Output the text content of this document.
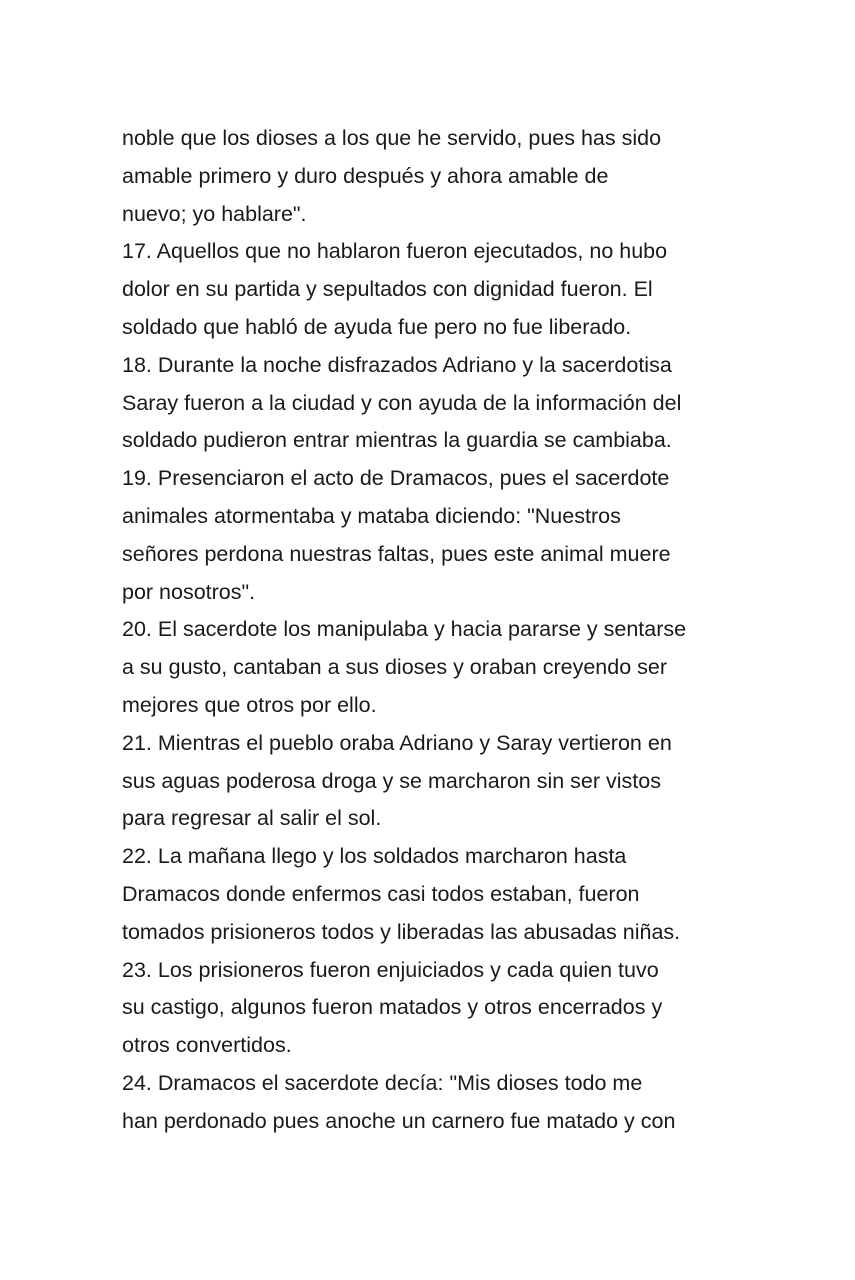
noble que los dioses a los que he servido, pues has sido
amable primero y duro después y ahora amable de
nuevo; yo hablare".
17. Aquellos que no hablaron fueron ejecutados, no hubo
dolor en su partida y sepultados con dignidad fueron. El
soldado que habló de ayuda fue pero no fue liberado.
18. Durante la noche disfrazados Adriano y la sacerdotisa
Saray fueron a la ciudad y con ayuda de la información del
soldado pudieron entrar mientras la guardia se cambiaba.
19. Presenciaron el acto de Dramacos, pues el sacerdote
animales atormentaba y mataba diciendo: "Nuestros
señores perdona nuestras faltas, pues este animal muere
por nosotros".
20. El sacerdote los manipulaba y hacia pararse y sentarse
a su gusto, cantaban a sus dioses y oraban creyendo ser
mejores que otros por ello.
21. Mientras el pueblo oraba Adriano y Saray vertieron en
sus aguas poderosa droga y se marcharon sin ser vistos
para regresar al salir el sol.
22. La mañana llego y los soldados marcharon hasta
Dramacos donde enfermos casi todos estaban, fueron
tomados prisioneros todos y liberadas las abusadas niñas.
23. Los prisioneros fueron enjuiciados y cada quien tuvo
su castigo, algunos fueron matados y otros encerrados y
otros convertidos.
24. Dramacos el sacerdote decía: "Mis dioses todo me
han perdonado pues anoche un carnero fue matado y con
